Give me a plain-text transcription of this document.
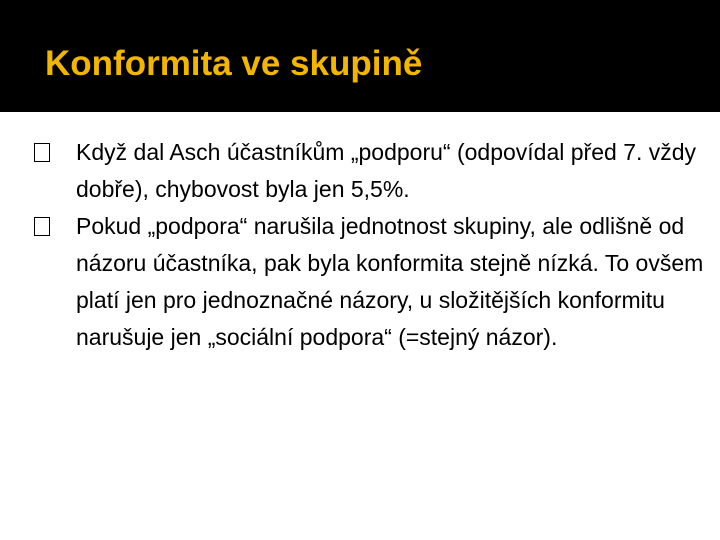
Konformita ve skupině
Když dal Asch účastníkům „podporu“ (odpovídal před 7. vždy dobře), chybovost byla jen 5,5%.
Pokud „podpora“ narušila jednotnost skupiny, ale odlišně od názoru účastníka, pak byla konformita stejně nízká. To ovšem platí jen pro jednoznačné názory, u složitějších konformitu narušuje jen „sociální podpora“ (=stejný názor).
